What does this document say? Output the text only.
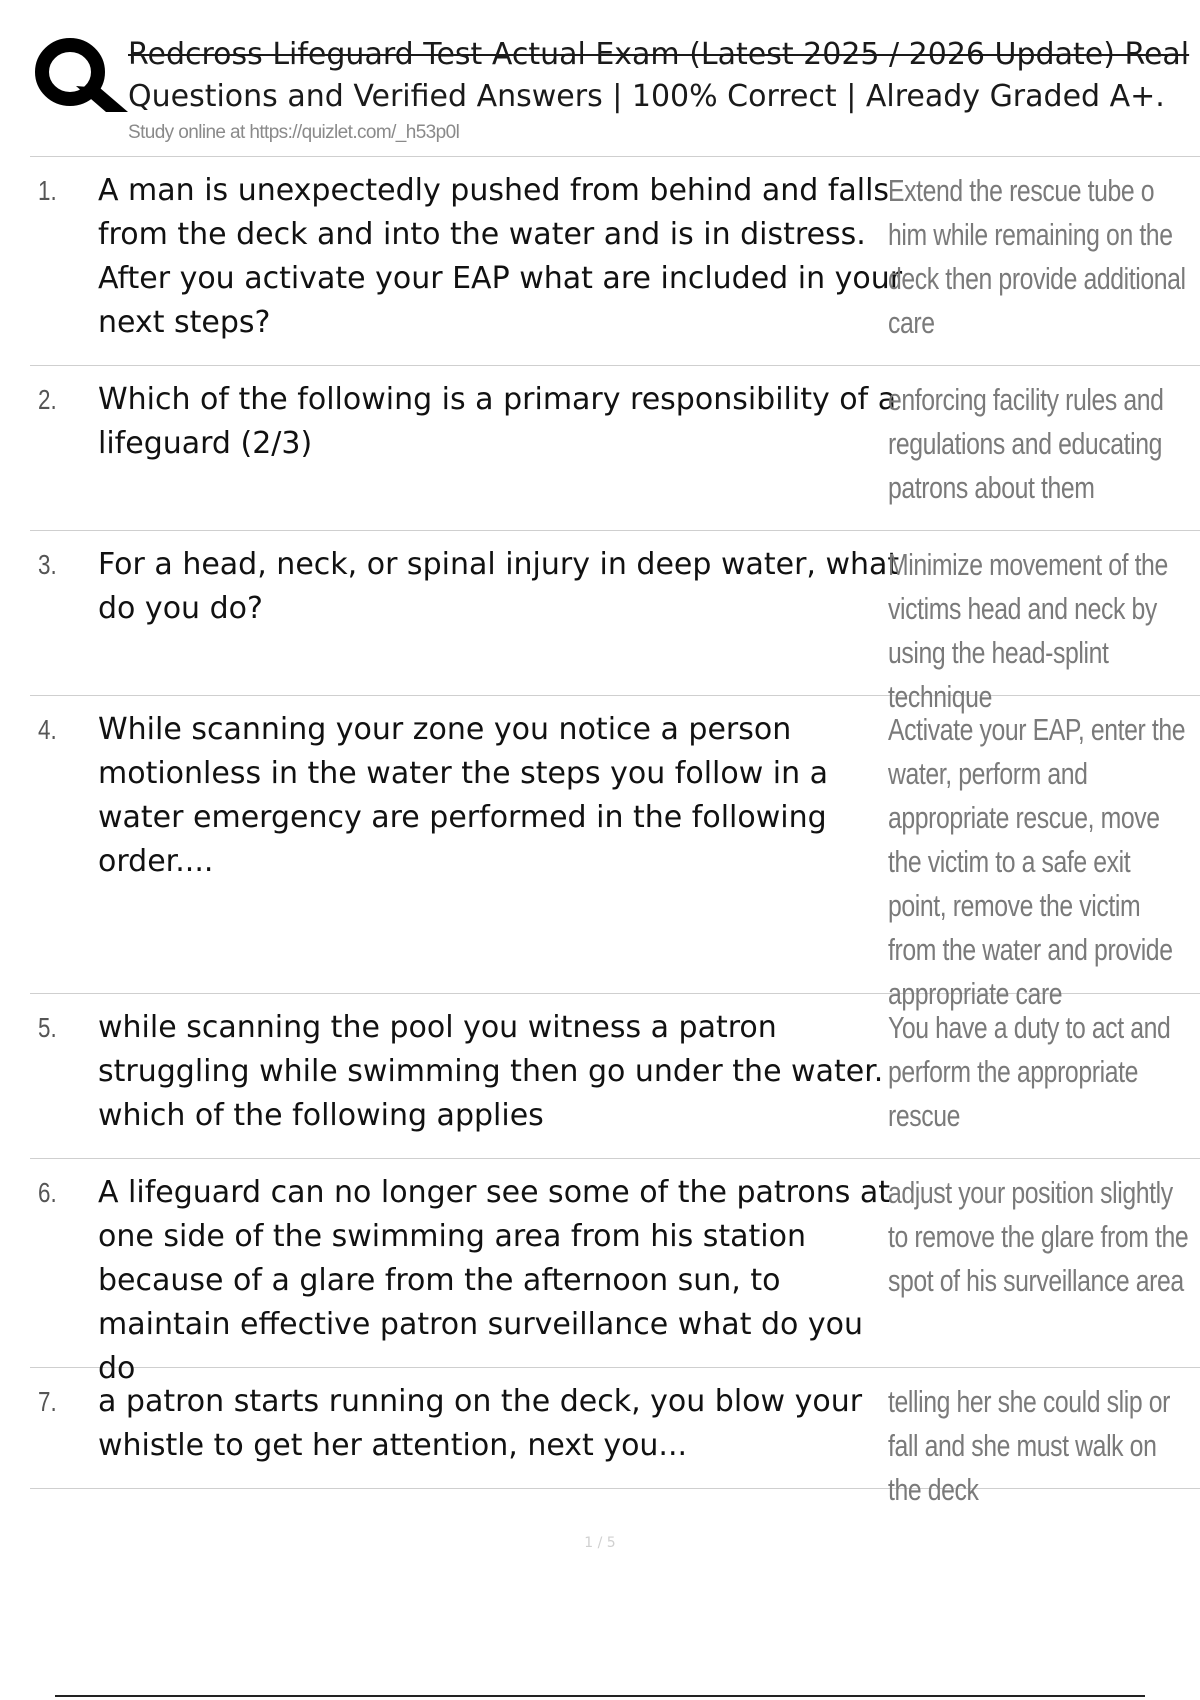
Redcross Lifeguard Test Actual Exam (Latest 2025 / 2026 Update) Real
Questions and Verified Answers | 100% Correct | Already Graded A+.
Study online at https://quizlet.com/_h53p0l
1. A man is unexpectedly pushed from behind and falls from the deck and into the water and is in distress. After you activate your EAP what are included in your next steps?
Extend the rescue tube o him while remaining on the deck then provide additional care
2. Which of the following is a primary responsibility of a lifeguard (2/3)
enforcing facility rules and regulations and educating patrons about them
3. For a head, neck, or spinal injury in deep water, what do you do?
Minimize movement of the victims head and neck by using the head-splint technique
4. While scanning your zone you notice a person motionless in the water the steps you follow in a water emergency are performed in the following order....
Activate your EAP, enter the water, perform and appropriate rescue, move the victim to a safe exit point, remove the victim from the water and provide appropriate care
5. while scanning the pool you witness a patron struggling while swimming then go under the water. which of the following applies
You have a duty to act and perform the appropriate rescue
6. A lifeguard can no longer see some of the patrons at one side of the swimming area from his station because of a glare from the afternoon sun, to maintain effective patron surveillance what do you do
adjust your position slightly to remove the glare from the spot of his surveillance area
7. a patron starts running on the deck, you blow your whistle to get her attention, next you...
telling her she could slip or fall and she must walk on the deck
1 / 5
